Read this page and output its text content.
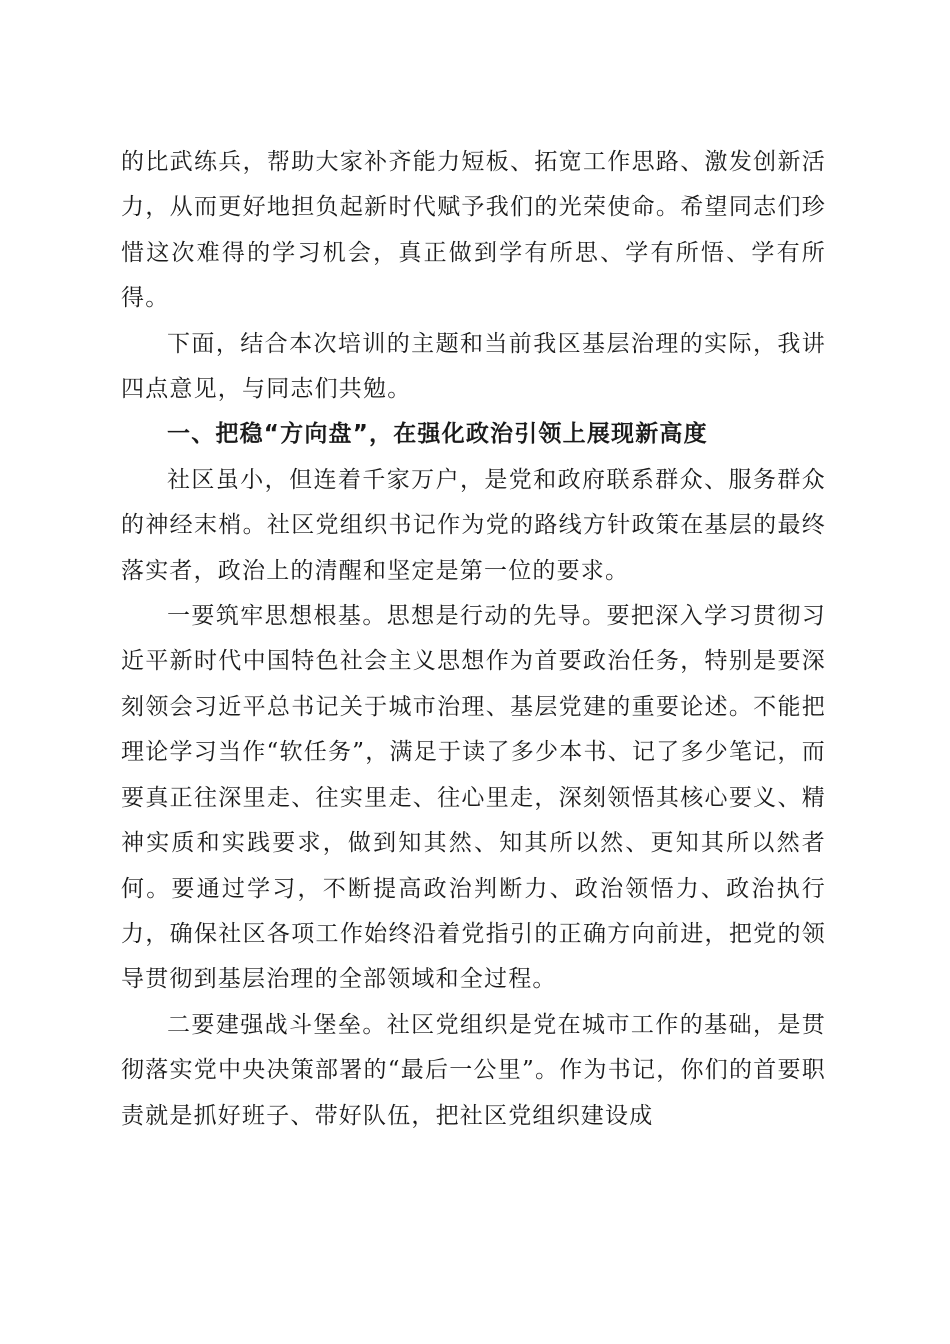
的比武练兵，帮助大家补齐能力短板、拓宽工作思路、激发创新活力，从而更好地担负起新时代赋予我们的光荣使命。希望同志们珍惜这次难得的学习机会，真正做到学有所思、学有所悟、学有所得。

下面，结合本次培训的主题和当前我区基层治理的实际，我讲四点意见，与同志们共勉。

一、把稳“方向盘”，在强化政治引领上展现新高度

社区虽小，但连着千家万户，是党和政府联系群众、服务群众的神经末梢。社区党组织书记作为党的路线方针政策在基层的最终落实者，政治上的清醒和坚定是第一位的要求。

一要筑牢思想根基。思想是行动的先导。要把深入学习贯彻习近平新时代中国特色社会主义思想作为首要政治任务，特别是要深刻领会习近平总书记关于城市治理、基层党建的重要论述。不能把理论学习当作“软任务”，满足于读了多少本书、记了多少笔记，而要真正往深里走、往实里走、往心里走，深刻领悟其核心要义、精神实质和实践要求，做到知其然、知其所以然、更知其所以然者何。要通过学习，不断提高政治判断力、政治领悟力、政治执行力，确保社区各项工作始终沿着党指引的正确方向前进，把党的领导贯彻到基层治理的全部领域和全过程。

二要建强战斗堡垒。社区党组织是党在城市工作的基础，是贯彻落实党中央决策部署的“最后一公里”。作为书记，你们的首要职责就是抓好班子、带好队伍，把社区党组织建设成
